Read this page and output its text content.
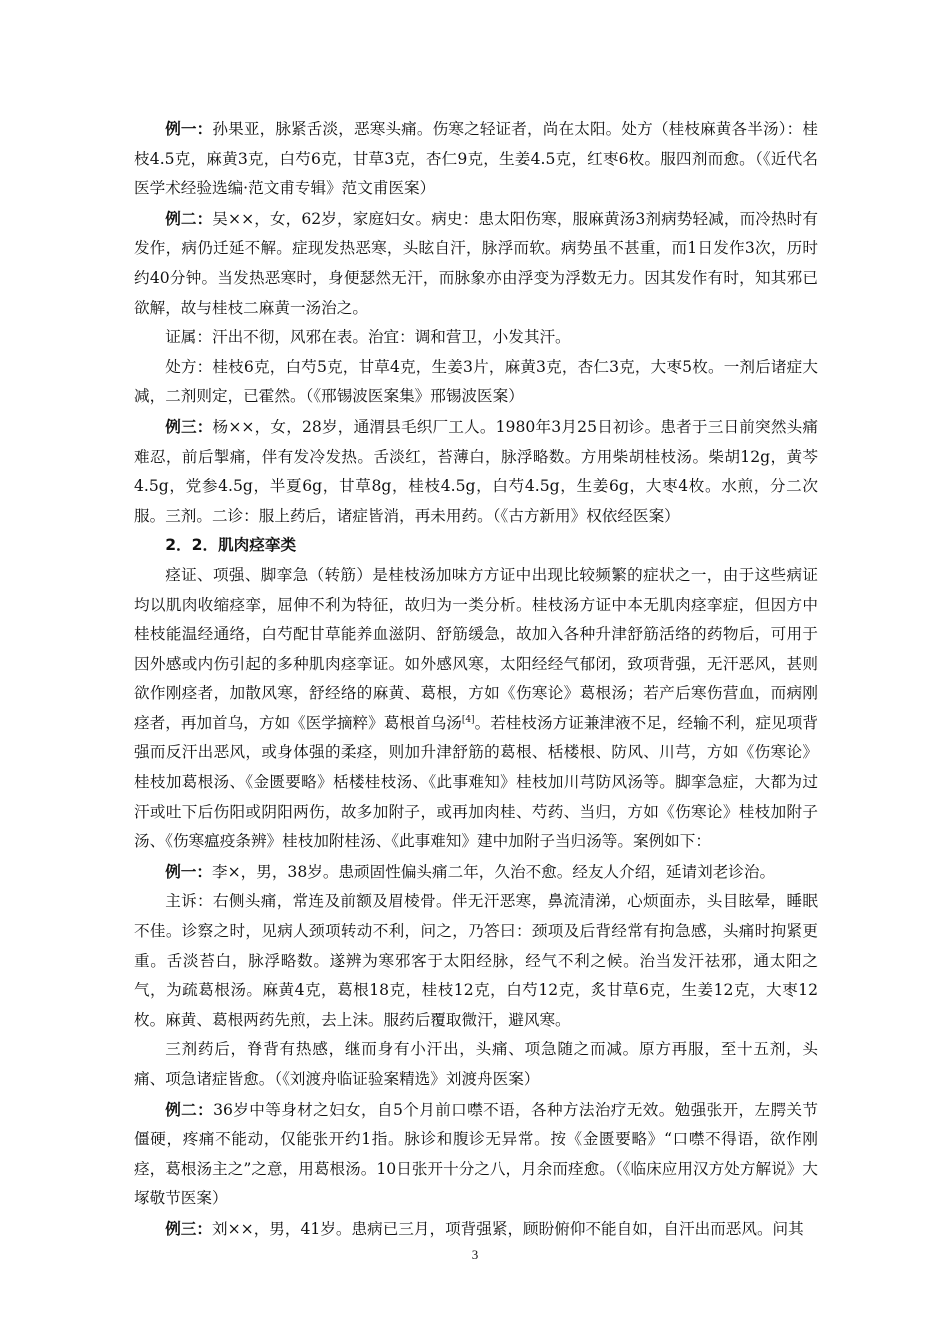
例一：孙果亚，脉紧舌淡，恶寒头痛。伤寒之轻证者，尚在太阳。处方（桂枝麻黄各半汤）：桂枝4.5克，麻黄3克，白芍6克，甘草3克，杏仁9克，生姜4.5克，红枣6枚。服四剂而愈。（《近代名医学术经验选编·范文甫专辑》范文甫医案）

例二：吴××，女，62岁，家庭妇女。病史：患太阳伤寒，服麻黄汤3剂病势轻减，而冷热时有发作，病仍迁延不解。症现发热恶寒，头眩自汗，脉浮而软。病势虽不甚重，而1日发作3次，历时约40分钟。当发热恶寒时，身便瑟然无汗，而脉象亦由浮变为浮数无力。因其发作有时，知其邪已欲解，故与桂枝二麻黄一汤治之。

证属：汗出不彻，风邪在表。治宜：调和营卫，小发其汗。

处方：桂枝6克，白芍5克，甘草4克，生姜3片，麻黄3克，杏仁3克，大枣5枚。一剂后诸症大减，二剂则定，已霍然。（《邢锡波医案集》邢锡波医案）

例三：杨××，女，28岁，通渭县毛织厂工人。1980年3月25日初诊。患者于三日前突然头痛难忍，前后掣痛，伴有发冷发热。舌淡红，苔薄白，脉浮略数。方用柴胡桂枝汤。柴胡12g，黄芩4.5g，党参4.5g，半夏6g，甘草8g，桂枝4.5g，白芍4.5g，生姜6g，大枣4枚。水煎，分二次服。三剂。二诊：服上药后，诸症皆消，再未用药。（《古方新用》权依经医案）

2．2．肌肉痉挛类

痉证、项强、脚挛急（转筋）是桂枝汤加味方方证中出现比较频繁的症状之一，由于这些病证均以肌肉收缩痉挛，屈伸不利为特征，故归为一类分析。桂枝汤方证中本无肌肉痉挛症，但因方中桂枝能温经通络，白芍配甘草能养血滋阴、舒筋缓急，故加入各种升津舒筋活络的药物后，可用于因外感或内伤引起的多种肌肉痉挛证。如外感风寒，太阳经经气郁闭，致项背强，无汗恶风，甚则欲作刚痉者，加散风寒，舒经络的麻黄、葛根，方如《伤寒论》葛根汤；若产后寒伤营血，而病刚痉者，再加首乌，方如《医学摘粹》葛根首乌汤[4]。若桂枝汤方证兼津液不足，经输不利，症见项背强而反汗出恶风，或身体强的柔痉，则加升津舒筋的葛根、栝楼根、防风、川芎，方如《伤寒论》桂枝加葛根汤、《金匮要略》栝楼桂枝汤、《此事难知》桂枝加川芎防风汤等。脚挛急症，大都为过汗或吐下后伤阳或阴阳两伤，故多加附子，或再加肉桂、芍药、当归，方如《伤寒论》桂枝加附子汤、《伤寒瘟疫条辨》桂枝加附桂汤、《此事难知》建中加附子当归汤等。案例如下：

例一：李×，男，38岁。患顽固性偏头痛二年，久治不愈。经友人介绍，延请刘老诊治。

主诉：右侧头痛，常连及前额及眉棱骨。伴无汗恶寒，鼻流清涕，心烦面赤，头目眩晕，睡眠不佳。诊察之时，见病人颈项转动不利，问之，乃答曰：颈项及后背经常有拘急感，头痛时拘紧更重。舌淡苔白，脉浮略数。遂辨为寒邪客于太阳经脉，经气不利之候。治当发汗祛邪，通太阳之气，为疏葛根汤。麻黄4克，葛根18克，桂枝12克，白芍12克，炙甘草6克，生姜12克，大枣12枚。麻黄、葛根两药先煎，去上沫。服药后覆取微汗，避风寒。

三剂药后，脊背有热感，继而身有小汗出，头痛、项急随之而减。原方再服，至十五剂，头痛、项急诸症皆愈。（《刘渡舟临证验案精选》刘渡舟医案）

例二：36岁中等身材之妇女，自5个月前口噤不语，各种方法治疗无效。勉强张开，左腭关节僵硬，疼痛不能动，仅能张开约1指。脉诊和腹诊无异常。按《金匮要略》“口噤不得语，欲作刚痉，葛根汤主之”之意，用葛根汤。10日张开十分之八，月余而痊愈。（《临床应用汉方处方解说》大塚敬节医案）

例三：刘××，男，41岁。患病已三月，项背强紧，顾盼俯仰不能自如，自汗出而恶风。问其

3
